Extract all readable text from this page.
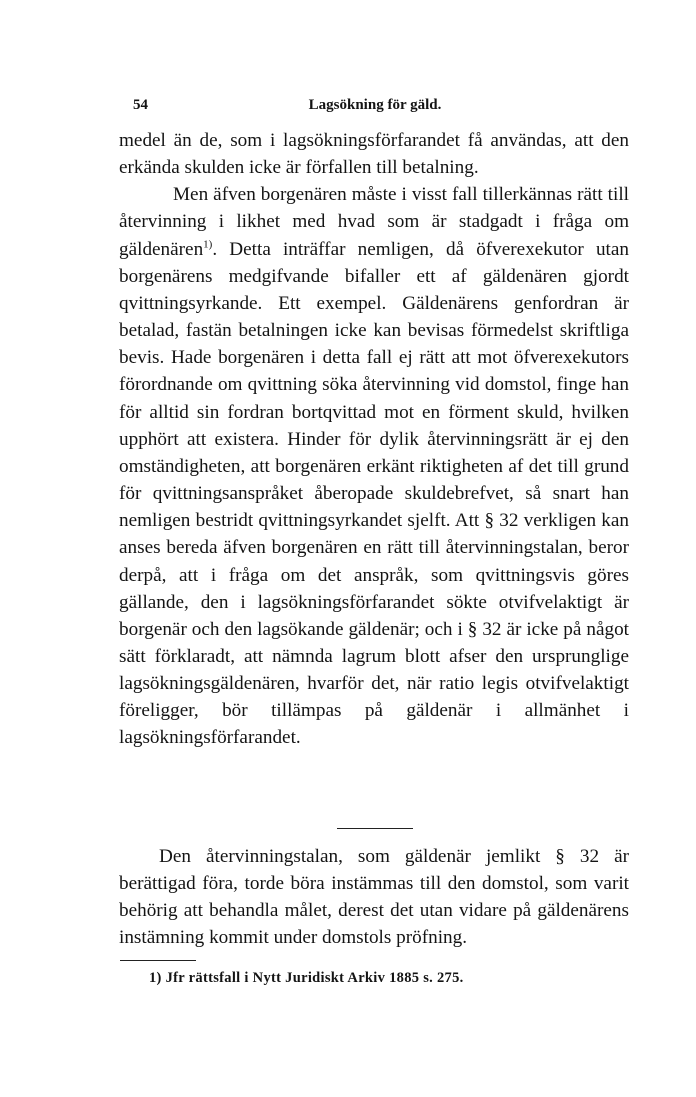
54	Lagsökning för gäld.

medel än de, som i lagsökningsförfarandet få användas, att den erkända skulden icke är förfallen till betalning.

Men äfven borgenären måste i visst fall tillerkännas rätt till återvinning i likhet med hvad som är stadgadt i fråga om gäldenären$^{1)}$. Detta inträffar nemligen, då öfverexekutor utan borgenärens medgifvande bifaller ett af gäldenären gjordt qvittningsyrkande. Ett exempel. Gäldenärens genfordran är betalad, fastän betalningen icke kan bevisas förmedelst skriftliga bevis. Hade borgenären i detta fall ej rätt att mot öfverexekutors förordnande om qvittning söka återvinning vid domstol, finge han för alltid sin fordran bortqvittad mot en förment skuld, hvilken upphört att existera. Hinder för dylik återvinningsrätt är ej den omständigheten, att borgenären erkänt riktigheten af det till grund för qvittningsanspråket åberopade skuldebrefvet, så snart han nemligen bestridt qvittningsyrkandet sjelft. Att § 32 verkligen kan anses bereda äfven borgenären en rätt till återvinningstalan, beror derpå, att i fråga om det anspråk, som qvittningsvis göres gällande, den i lagsökningsförfarandet sökte otvifvelaktigt är borgenär och den lagsökande gäldenär; och i § 32 är icke på något sätt förklaradt, att nämnda lagrum blott afser den ursprunglige lagsökningsgäldenären, hvarför det, när ratio legis otvifvelaktigt föreligger, bör tillämpas på gäldenär i allmänhet i lagsökningsförfarandet.

Den återvinningstalan, som gäldenär jemlikt § 32 är berättigad föra, torde böra instämmas till den domstol, som varit behörig att behandla målet, derest det utan vidare på gäldenärens instämning kommit under domstols pröfning.

1) Jfr rättsfall i Nytt Juridiskt Arkiv 1885 s. 275.
